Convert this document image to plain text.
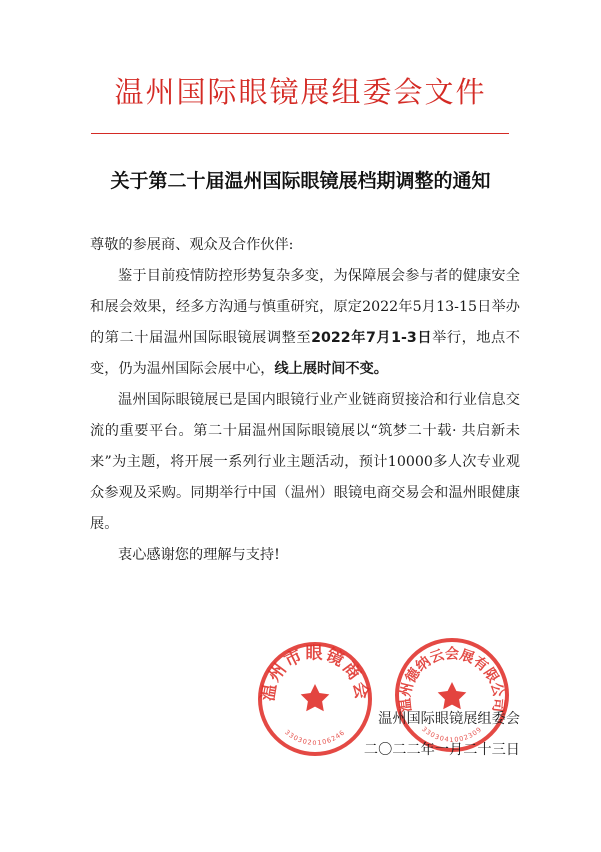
温州国际眼镜展组委会文件
关于第二十届温州国际眼镜展档期调整的通知

尊敬的参展商、观众及合作伙伴:

鉴于目前疫情防控形势复杂多变，为保障展会参与者的健康安全和展会效果，经多方沟通与慎重研究，原定2022年5月13-15日举办的第二十届温州国际眼镜展调整至2022年7月1-3日举行，地点不变，仍为温州国际会展中心，线上展时间不变。

温州国际眼镜展已是国内眼镜行业产业链商贸接洽和行业信息交流的重要平台。第二十届温州国际眼镜展以“筑梦二十载· 共启新未来”为主题，将开展一系列行业主题活动，预计10000多人次专业观众参观及采购。同期举行中国（温州）眼镜电商交易会和温州眼健康展。

衷心感谢您的理解与支持!

温州市眼镜商会
3303020106246
温州德纳云会展有限公司
3303041002309
温州国际眼镜展组委会
二〇二二年一月二十三日
